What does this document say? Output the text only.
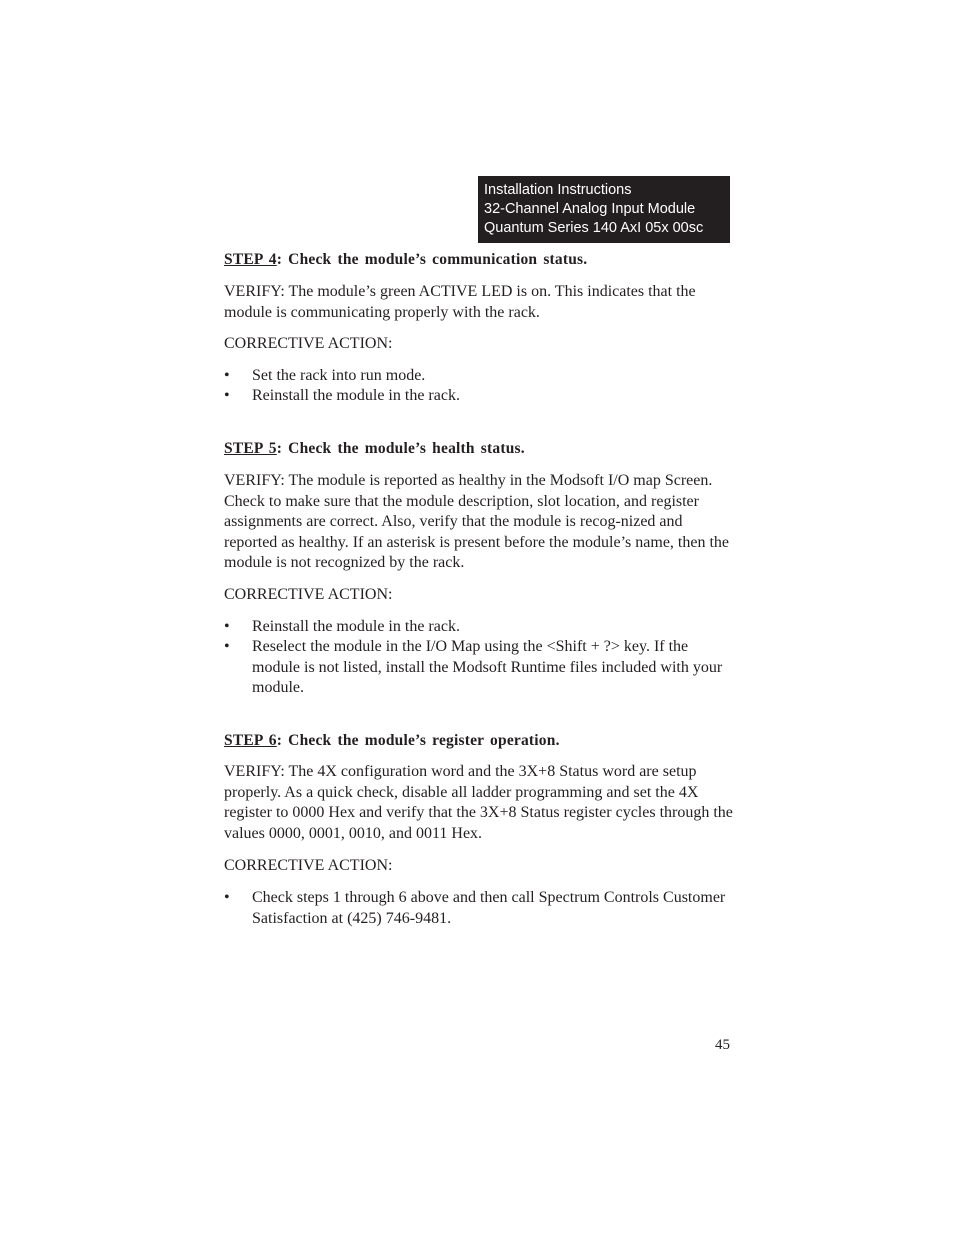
Installation Instructions
32-Channel Analog Input Module
Quantum Series 140 AxI 05x 00sc
STEP 4: Check the module’s communication status.

VERIFY: The module’s green ACTIVE LED is on. This indicates that the module is communicating properly with the rack.

CORRECTIVE ACTION:
• Set the rack into run mode.
• Reinstall the module in the rack.
STEP 5: Check the module’s health status.

VERIFY: The module is reported as healthy in the Modsoft I/O map Screen. Check to make sure that the module description, slot location, and register assignments are correct. Also, verify that the module is recog-nized and reported as healthy. If an asterisk is present before the module’s name, then the module is not recognized by the rack.

CORRECTIVE ACTION:
• Reinstall the module in the rack.
• Reselect the module in the I/O Map using the <Shift + ?> key. If the module is not listed, install the Modsoft Runtime files included with your module.
STEP 6: Check the module’s register operation.

VERIFY: The 4X configuration word and the 3X+8 Status word are setup properly. As a quick check, disable all ladder programming and set the 4X register to 0000 Hex and verify that the 3X+8 Status register cycles through the values 0000, 0001, 0010, and 0011 Hex.

CORRECTIVE ACTION:
• Check steps 1 through 6 above and then call Spectrum Controls Customer Satisfaction at (425) 746-9481.
45
